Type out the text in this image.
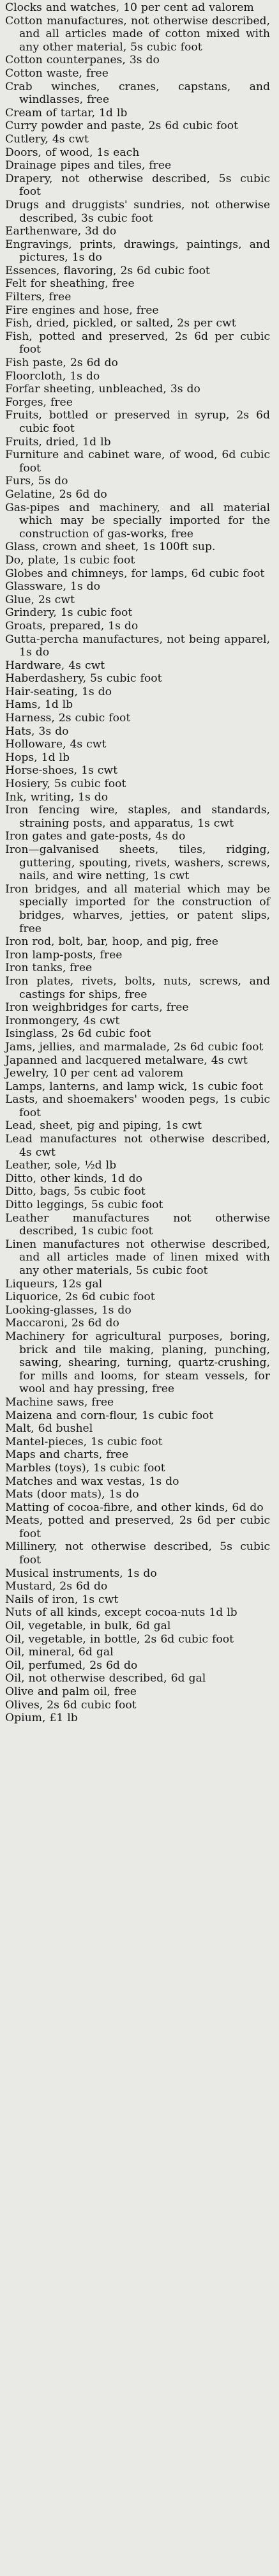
Clocks and watches, 10 per cent ad valorem

Cotton manufactures, not otherwise described, and all articles made of cotton mixed with any other material, 5s cubic foot

Cotton counterpanes, 3s do

Cotton waste, free

Crab winches, cranes, capstans, and windlasses, free

Cream of tartar, 1d lb

Curry powder and paste, 2s 6d cubic foot

Cutlery, 4s cwt

Doors, of wood, 1s each

Drainage pipes and tiles, free

Drapery, not otherwise described, 5s cubic foot

Drugs and druggists' sundries, not otherwise described, 3s cubic foot

Earthenware, 3d do

Engravings, prints, drawings, paintings, and pictures, 1s do

Essences, flavoring, 2s 6d cubic foot

Felt for sheathing, free

Filters, free

Fire engines and hose, free

Fish, dried, pickled, or salted, 2s per cwt

Fish, potted and preserved, 2s 6d per cubic foot

Fish paste, 2s 6d do

Floorcloth, 1s do

Forfar sheeting, unbleached, 3s do

Forges, free

Fruits, bottled or preserved in syrup, 2s 6d cubic foot

Fruits, dried, 1d lb

Furniture and cabinet ware, of wood, 6d cubic foot

Furs, 5s do

Gelatine, 2s 6d do

Gas-pipes and machinery, and all material which may be specially imported for the construction of gas-works, free

Glass, crown and sheet, 1s 100ft sup.

Do, plate, 1s cubic foot

Globes and chimneys, for lamps, 6d cubic foot

Glassware, 1s do

Glue, 2s cwt

Grindery, 1s cubic foot

Groats, prepared, 1s do

Gutta-percha manufactures, not being apparel, 1s do

Hardware, 4s cwt

Haberdashery, 5s cubic foot

Hair-seating, 1s do

Hams, 1d lb

Harness, 2s cubic foot

Hats, 3s do

Holloware, 4s cwt

Hops, 1d lb

Horse-shoes, 1s cwt

Hosiery, 5s cubic foot

Ink, writing, 1s do

Iron fencing wire, staples, and standards, straining posts, and apparatus, 1s cwt

Iron gates and gate-posts, 4s do

Iron—galvanised sheets, tiles, ridging, guttering, spouting, rivets, washers, screws, nails, and wire netting, 1s cwt

Iron bridges, and all material which may be specially imported for the construction of bridges, wharves, jetties, or patent slips, free

Iron rod, bolt, bar, hoop, and pig, free

Iron lamp-posts, free

Iron tanks, free

Iron plates, rivets, bolts, nuts, screws, and castings for ships, free

Iron weighbridges for carts, free

Ironmongery, 4s cwt

Isinglass, 2s 6d cubic foot

Jams, jellies, and marmalade, 2s 6d cubic foot

Japanned and lacquered metalware, 4s cwt

Jewelry, 10 per cent ad valorem

Lamps, lanterns, and lamp wick, 1s cubic foot

Lasts, and shoemakers' wooden pegs, 1s cubic foot

Lead, sheet, pig and piping, 1s cwt

Lead manufactures not otherwise described, 4s cwt

Leather, sole, ½d lb

Ditto, other kinds, 1d do

Ditto, bags, 5s cubic foot

Ditto leggings, 5s cubic foot

Leather manufactures not otherwise described, 1s cubic foot

Linen manufactures not otherwise described, and all articles made of linen mixed with any other materials, 5s cubic foot

Liqueurs, 12s gal

Liquorice, 2s 6d cubic foot

Looking-glasses, 1s do

Maccaroni, 2s 6d do

Machinery for agricultural purposes, boring, brick and tile making, planing, punching, sawing, shearing, turning, quartz-crushing, for mills and looms, for steam vessels, for wool and hay pressing, free

Machine saws, free

Maizena and corn-flour, 1s cubic foot

Malt, 6d bushel

Mantel-pieces, 1s cubic foot

Maps and charts, free

Marbles (toys), 1s cubic foot

Matches and wax vestas, 1s do

Mats (door mats), 1s do

Matting of cocoa-fibre, and other kinds, 6d do

Meats, potted and preserved, 2s 6d per cubic foot

Millinery, not otherwise described, 5s cubic foot

Musical instruments, 1s do

Mustard, 2s 6d do

Nails of iron, 1s cwt

Nuts of all kinds, except cocoa-nuts 1d lb

Oil, vegetable, in bulk, 6d gal

Oil, vegetable, in bottle, 2s 6d cubic foot

Oil, mineral, 6d gal

Oil, perfumed, 2s 6d do

Oil, not otherwise described, 6d gal

Olive and palm oil, free

Olives, 2s 6d cubic foot

Opium, £1 lb
